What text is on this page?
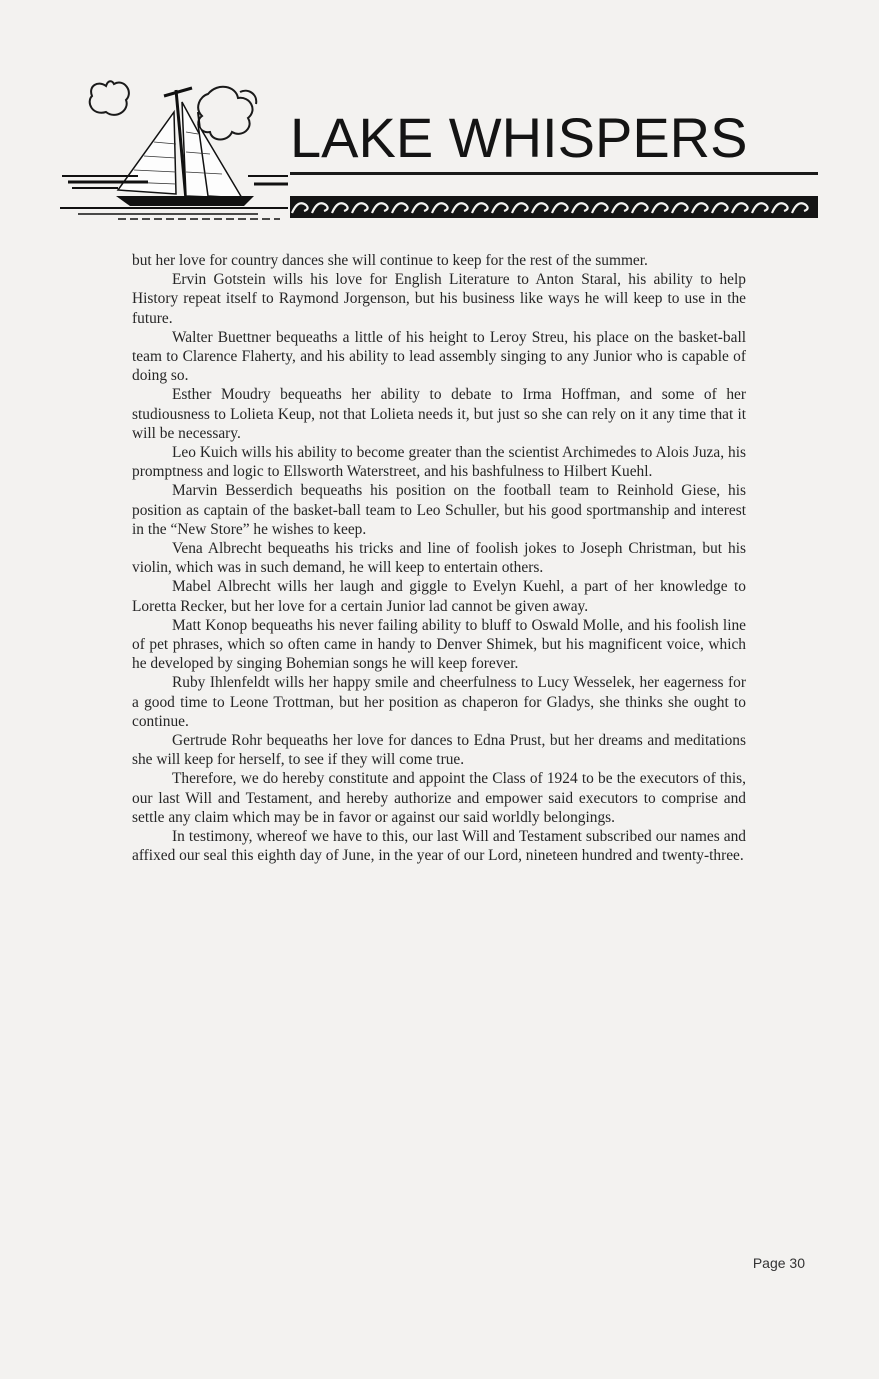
LAKE WHISPERS

but her love for country dances she will continue to keep for the rest of the summer.

Ervin Gotstein wills his love for English Literature to Anton Staral, his ability to help History repeat itself to Raymond Jorgenson, but his business like ways he will keep to use in the future.

Walter Buettner bequeaths a little of his height to Leroy Streu, his place on the basket-ball team to Clarence Flaherty, and his ability to lead assembly singing to any Junior who is capable of doing so.

Esther Moudry bequeaths her ability to debate to Irma Hoffman, and some of her studiousness to Lolieta Keup, not that Lolieta needs it, but just so she can rely on it any time that it will be necessary.

Leo Kuich wills his ability to become greater than the scientist Archimedes to Alois Juza, his promptness and logic to Ellsworth Waterstreet, and his bashfulness to Hilbert Kuehl.

Marvin Besserdich bequeaths his position on the football team to Reinhold Giese, his position as captain of the basket-ball team to Leo Schuller, but his good sportmanship and interest in the “New Store” he wishes to keep.

Vena Albrecht bequeaths his tricks and line of foolish jokes to Joseph Christman, but his violin, which was in such demand, he will keep to entertain others.

Mabel Albrecht wills her laugh and giggle to Evelyn Kuehl, a part of her knowledge to Loretta Recker, but her love for a certain Junior lad cannot be given away.

Matt Konop bequeaths his never failing ability to bluff to Oswald Molle, and his foolish line of pet phrases, which so often came in handy to Denver Shimek, but his magnificent voice, which he developed by singing Bohemian songs he will keep forever.

Ruby Ihlenfeldt wills her happy smile and cheerfulness to Lucy Wesselek, her eagerness for a good time to Leone Trottman, but her position as chaperon for Gladys, she thinks she ought to continue.

Gertrude Rohr bequeaths her love for dances to Edna Prust, but her dreams and meditations she will keep for herself, to see if they will come true.

Therefore, we do hereby constitute and appoint the Class of 1924 to be the executors of this, our last Will and Testament, and hereby authorize and empower said executors to comprise and settle any claim which may be in favor or against our said worldly belongings.

In testimony, whereof we have to this, our last Will and Testament subscribed our names and affixed our seal this eighth day of June, in the year of our Lord, nineteen hundred and twenty-three.

Page 30
